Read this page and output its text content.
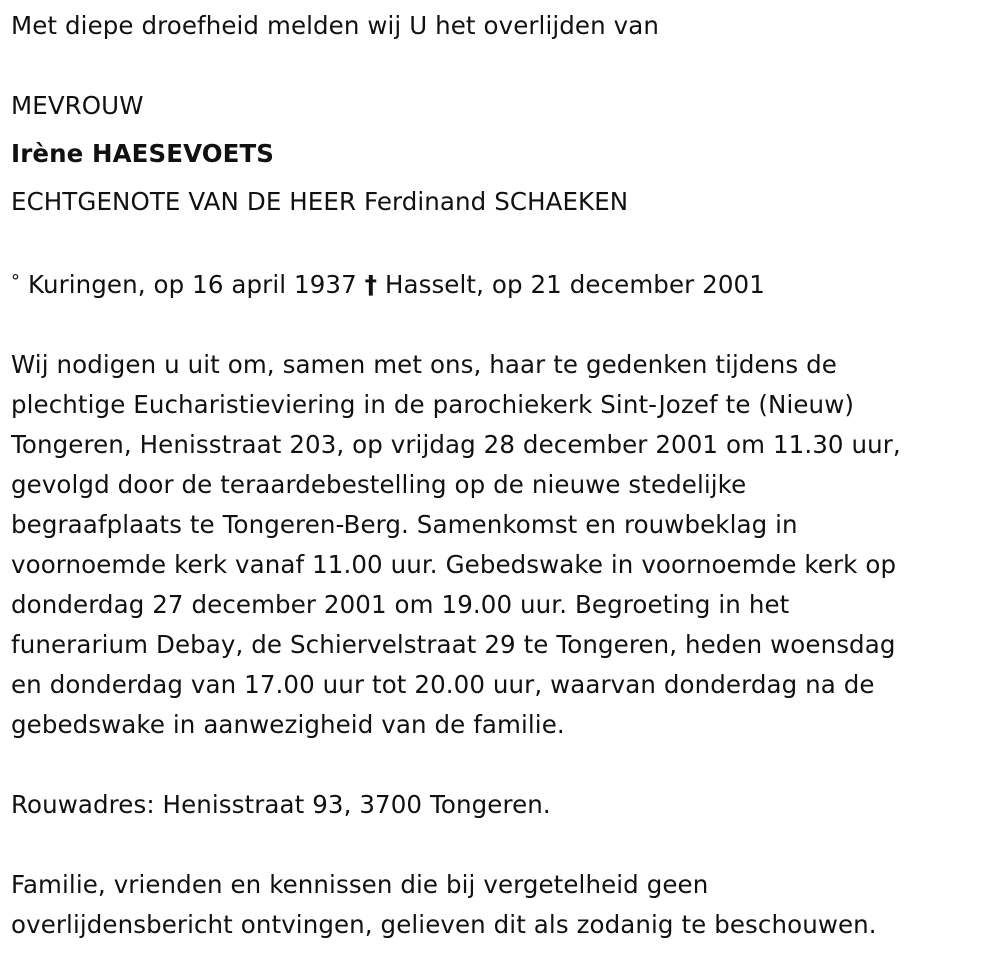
Met diepe droefheid melden wij U het overlijden van
MEVROUW
Irène HAESEVOETS
ECHTGENOTE VAN DE HEER Ferdinand SCHAEKEN
° Kuringen, op 16 april 1937 † Hasselt, op 21 december 2001
Wij nodigen u uit om, samen met ons, haar te gedenken tijdens de
plechtige Eucharistieviering in de parochiekerk Sint-Jozef te (Nieuw)
Tongeren, Henisstraat 203, op vrijdag 28 december 2001 om 11.30 uur,
gevolgd door de teraardebestelling op de nieuwe stedelijke
begraafplaats te Tongeren-Berg. Samenkomst en rouwbeklag in
voornoemde kerk vanaf 11.00 uur. Gebedswake in voornoemde kerk op
donderdag 27 december 2001 om 19.00 uur. Begroeting in het
funerarium Debay, de Schiervelstraat 29 te Tongeren, heden woensdag
en donderdag van 17.00 uur tot 20.00 uur, waarvan donderdag na de
gebedswake in aanwezigheid van de familie.
Rouwadres: Henisstraat 93, 3700 Tongeren.
Familie, vrienden en kennissen die bij vergetelheid geen
overlijdensbericht ontvingen, gelieven dit als zodanig te beschouwen.
